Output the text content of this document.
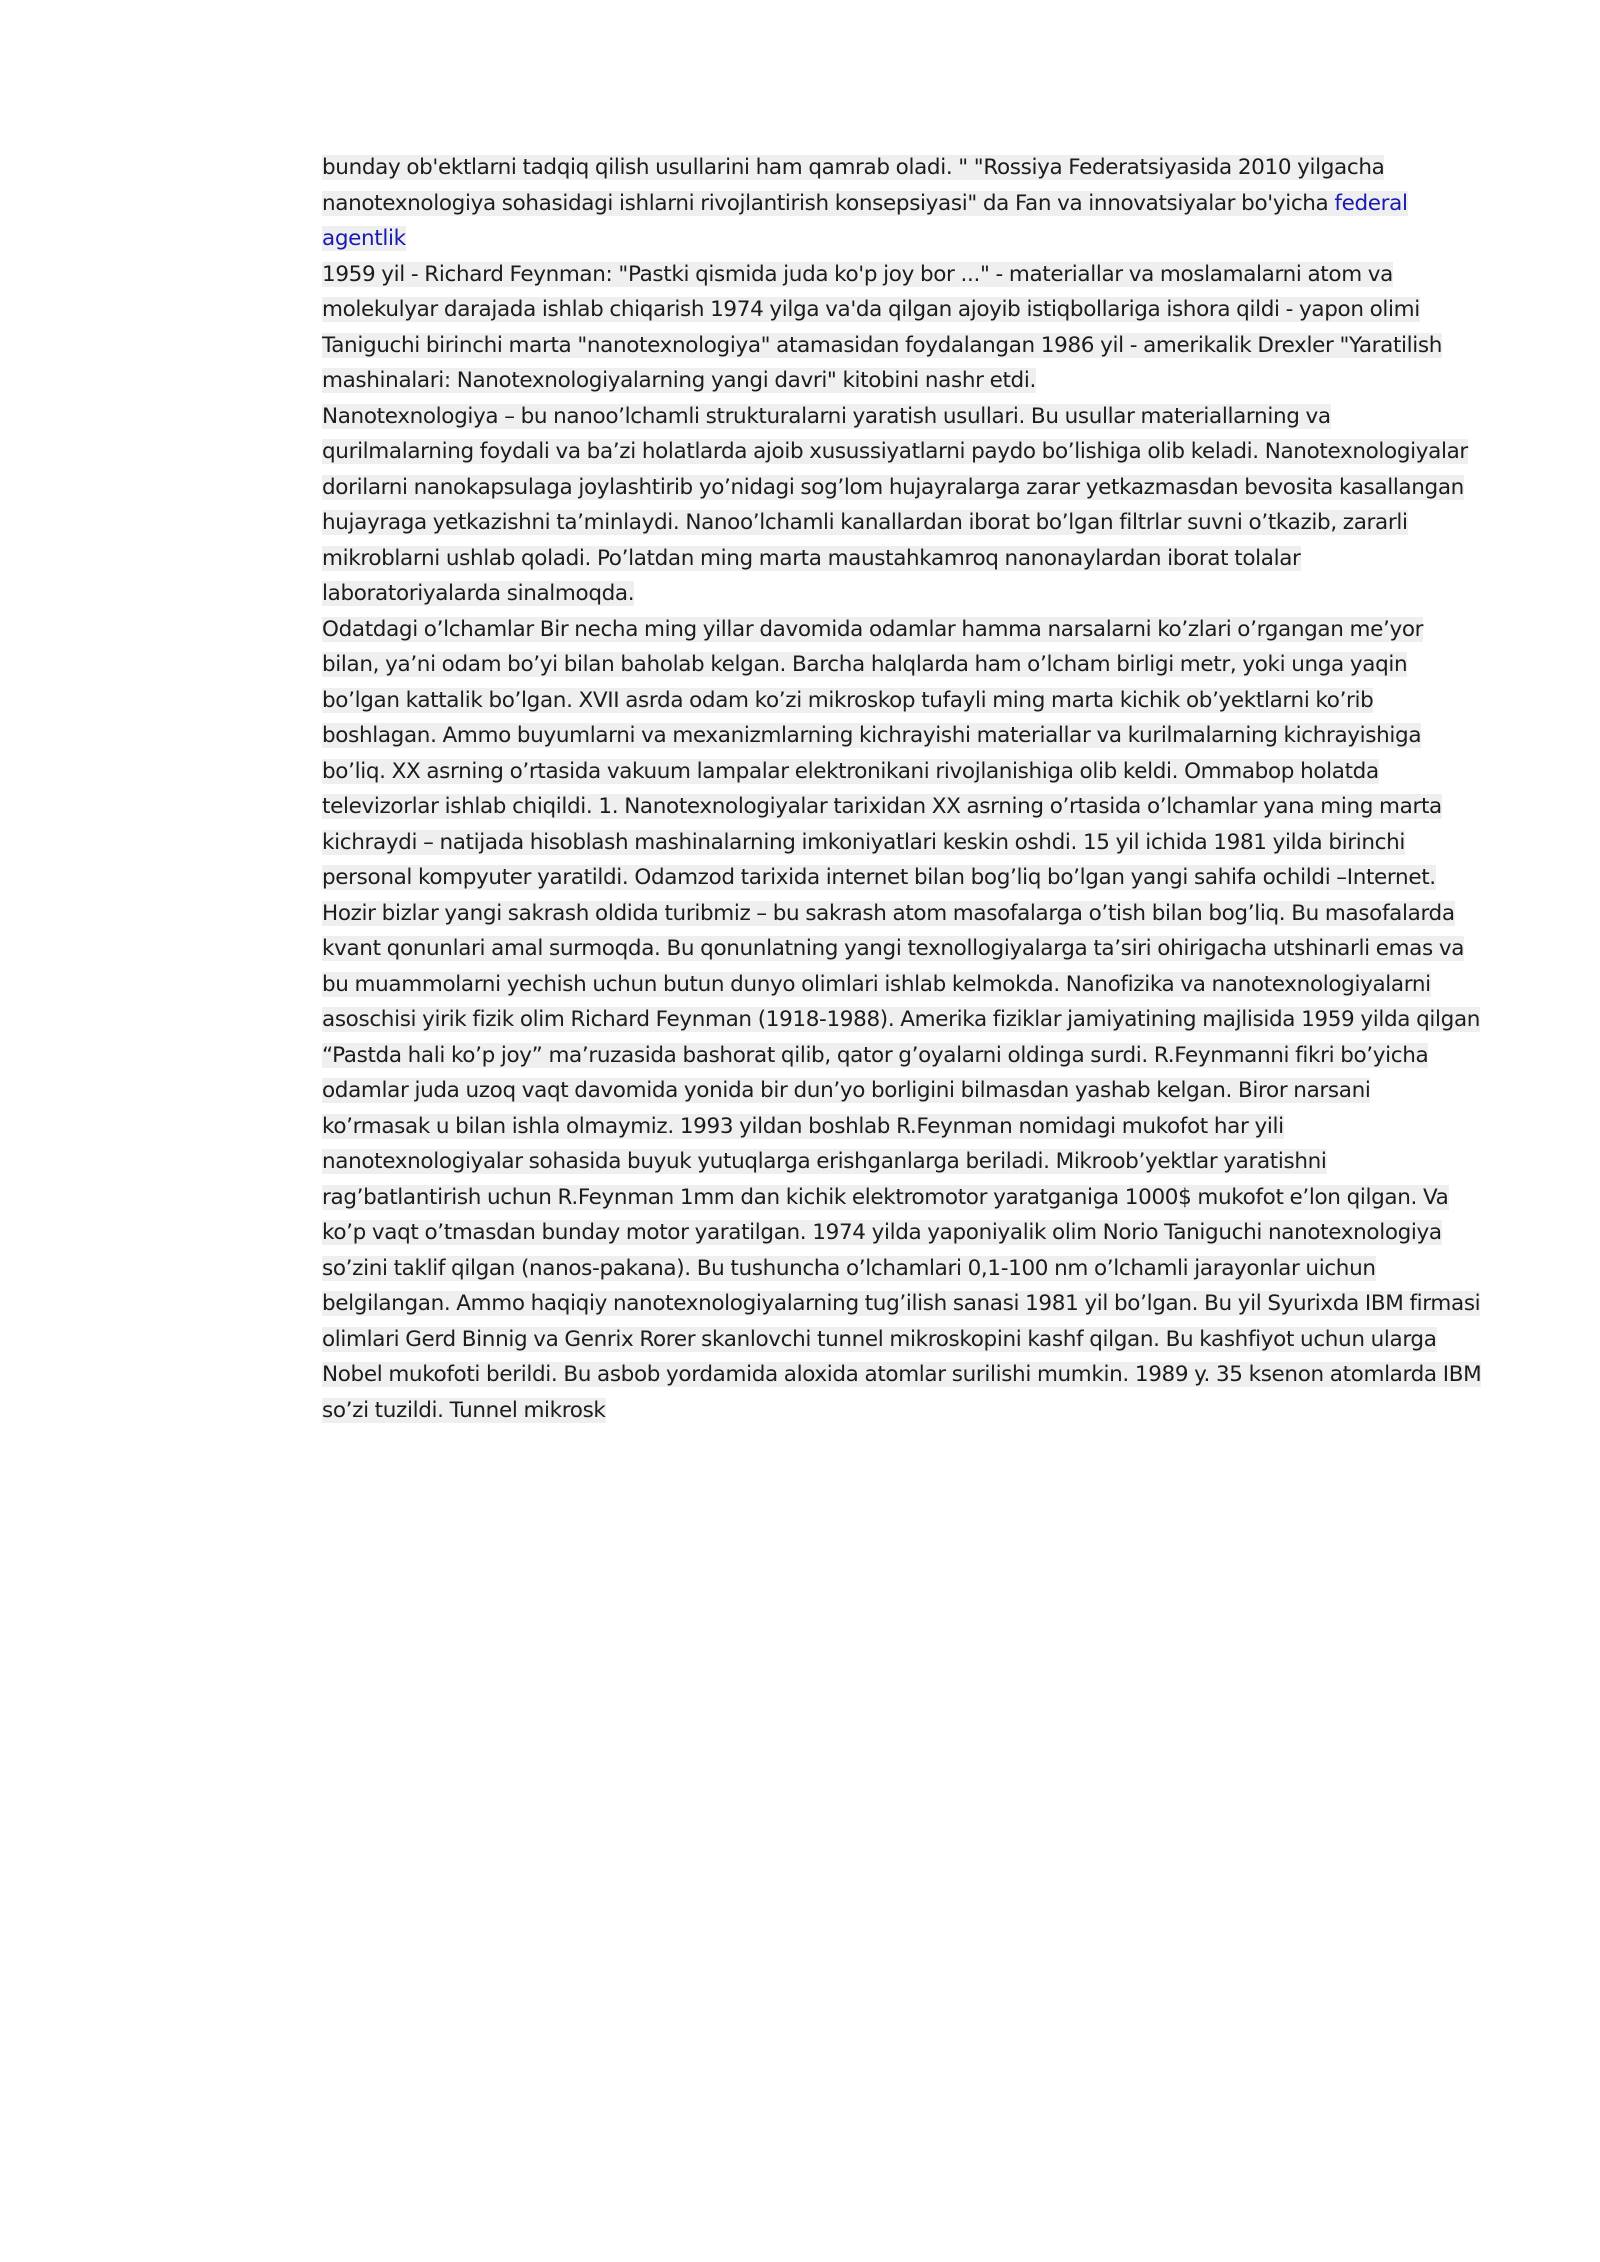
bunday ob'ektlarni tadqiq qilish usullarini ham qamrab oladi. " "Rossiya Federatsiyasida 2010 yilgacha nanotexnologiya sohasidagi ishlarni rivojlantirish konsepsiyasi" da Fan va innovatsiyalar bo'yicha federal agentlik

1959 yil - Richard Feynman: "Pastki qismida juda ko'p joy bor ..." - materiallar va moslamalarni atom va molekulyar darajada ishlab chiqarish 1974 yilga va'da qilgan ajoyib istiqbollariga ishora qildi - yapon olimi Taniguchi birinchi marta "nanotexnologiya" atamasidan foydalangan 1986 yil - amerikalik Drexler "Yaratilish mashinalari: Nanotexnologiyalarning yangi davri" kitobini nashr etdi.

Nanotexnologiya – bu nanoo’lchamli strukturalarni yaratish usullari. Bu usullar materiallarning va qurilmalarning foydali va ba’zi holatlarda ajoib xusussiyatlarni paydo bo’lishiga olib keladi. Nanotexnologiyalar dorilarni nanokapsulaga joylashtirib yo’nidagi sog’lom hujayralarga zarar yetkazmasdan bevosita kasallangan hujayraga yetkazishni ta’minlaydi. Nanoo’lchamli kanallardan iborat bo’lgan filtrlar suvni o’tkazib, zararli mikroblarni ushlab qoladi. Po’latdan ming marta maustahkamroq nanonaylardan iborat tolalar laboratoriyalarda sinalmoqda.

Odatdagi o’lchamlar Bir necha ming yillar davomida odamlar hamma narsalarni ko’zlari o’rgangan me’yor bilan, ya’ni odam bo’yi bilan baholab kelgan. Barcha halqlarda ham o’lcham birligi metr, yoki unga yaqin bo’lgan kattalik bo’lgan. XVII asrda odam ko’zi mikroskop tufayli ming marta kichik ob’yektlarni ko’rib boshlagan. Ammo buyumlarni va mexanizmlarning kichrayishi materiallar va kurilmalarning kichrayishiga bo’liq. XX asrning o’rtasida vakuum lampalar elektronikani rivojlanishiga olib keldi. Ommabop holatda televizorlar ishlab chiqildi. 1. Nanotexnologiyalar tarixidan XX asrning o’rtasida o’lchamlar yana ming marta kichraydi – natijada hisoblash mashinalarning imkoniyatlari keskin oshdi. 15 yil ichida 1981 yilda birinchi personal kompyuter yaratildi. Odamzod tarixida internet bilan bog’liq bo’lgan yangi sahifa ochildi –Internet. Hozir bizlar yangi sakrash oldida turibmiz – bu sakrash atom masofalarga o’tish bilan bog’liq. Bu masofalarda kvant qonunlari amal surmoqda. Bu qonunlatning yangi texnollogiyalarga ta’siri ohirigacha utshinarli emas va bu muammolarni yechish uchun butun dunyo olimlari ishlab kelmokda. Nanofizika va nanotexnologiyalarni asoschisi yirik fizik olim Richard Feynman (1918-1988). Amerika fiziklar jamiyatining majlisida 1959 yilda qilgan “Pastda hali ko’p joy” ma’ruzasida bashorat qilib, qator g’oyalarni oldinga surdi. R.Feynmanni fikri bo’yicha odamlar juda uzoq vaqt davomida yonida bir dun’yo borligini bilmasdan yashab kelgan. Biror narsani ko’rmasak u bilan ishla olmaymiz. 1993 yildan boshlab R.Feynman nomidagi mukofot har yili nanotexnologiyalar sohasida buyuk yutuqlarga erishganlarga beriladi. Mikroob’yektlar yaratishni rag’batlantirish uchun R.Feynman 1mm dan kichik elektromotor yaratganiga 1000$ mukofot e’lon qilgan. Va ko’p vaqt o’tmasdan bunday motor yaratilgan. 1974 yilda yaponiyalik olim Norio Taniguchi nanotexnologiya so’zini taklif qilgan (nanos-pakana). Bu tushuncha o’lchamlari 0,1-100 nm o’lchamli jarayonlar uichun belgilangan. Ammo haqiqiy nanotexnologiyalarning tug’ilish sanasi 1981 yil bo’lgan. Bu yil Syurixda IBM firmasi olimlari Gerd Binnig va Genrix Rorer skanlovchi tunnel mikroskopini kashf qilgan. Bu kashfiyot uchun ularga Nobel mukofoti berildi. Bu asbob yordamida aloxida atomlar surilishi mumkin. 1989 y. 35 ksenon atomlarda IBM so’zi tuzildi. Tunnel mikrosk
